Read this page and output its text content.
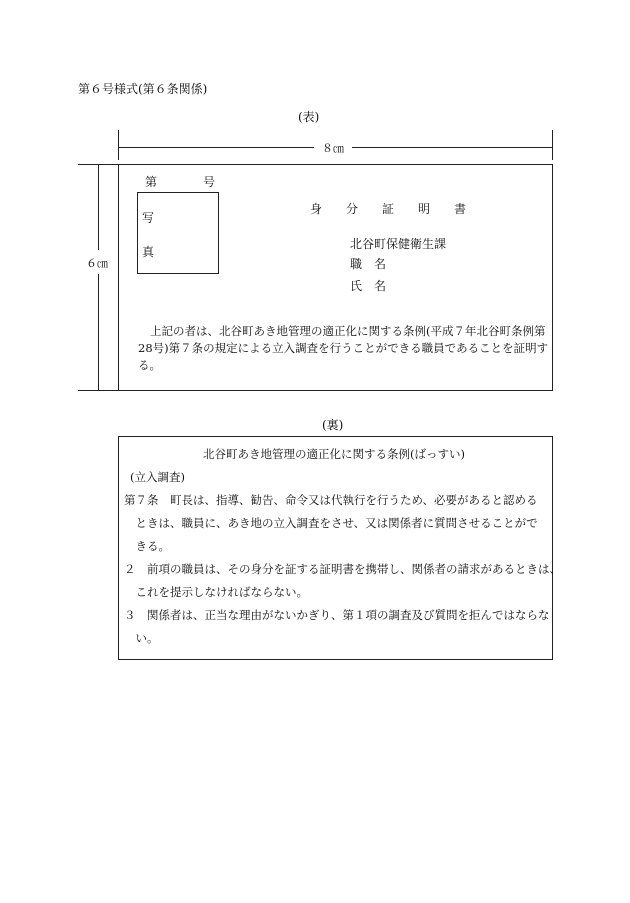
第６号様式(第６条関係)
(表)
８㎝
６㎝
第	号
写
真
身　　分　　証　　明　　書
北谷町保健衛生課
職　名
氏　名
上記の者は、北谷町あき地管理の適正化に関する条例(平成７年北谷町条例第
28号)第７条の規定による立入調査を行うことができる職員であることを証明す
る。
(裏)
北谷町あき地管理の適正化に関する条例(ばっすい)
(立入調査)
第７条　町長は、指導、勧告、命令又は代執行を行うため、必要があると認める
　ときは、職員に、あき地の立入調査をさせ、又は関係者に質問させることがで
　きる。
２　前項の職員は、その身分を証する証明書を携帯し、関係者の請求があるときは、
　これを提示しなければならない。
３　関係者は、正当な理由がないかぎり、第１項の調査及び質問を拒んではならな
　い。
